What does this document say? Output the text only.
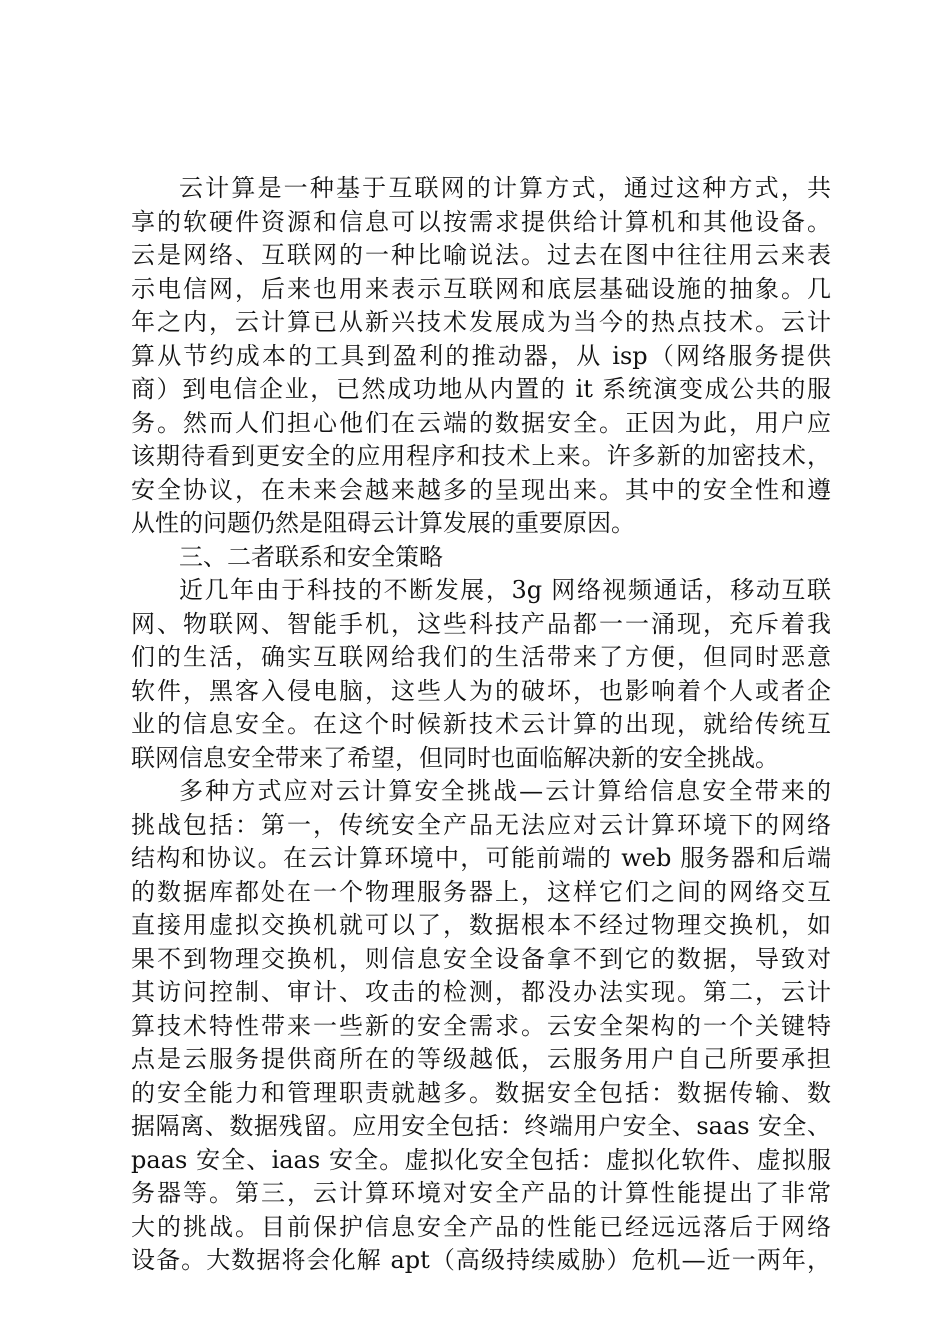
云计算是一种基于互联网的计算方式，通过这种方式，共
享的软硬件资源和信息可以按需求提供给计算机和其他设备。
云是网络、互联网的一种比喻说法。过去在图中往往用云来表
示电信网，后来也用来表示互联网和底层基础设施的抽象。几
年之内，云计算已从新兴技术发展成为当今的热点技术。云计
算从节约成本的工具到盈利的推动器，从 isp（网络服务提供
商）到电信企业，已然成功地从内置的 it 系统演变成公共的服
务。然而人们担心他们在云端的数据安全。正因为此，用户应
该期待看到更安全的应用程序和技术上来。许多新的加密技术，
安全协议，在未来会越来越多的呈现出来。其中的安全性和遵
从性的问题仍然是阻碍云计算发展的重要原因。
三、二者联系和安全策略
近几年由于科技的不断发展，3g 网络视频通话，移动互联
网、物联网、智能手机，这些科技产品都一一涌现，充斥着我
们的生活，确实互联网给我们的生活带来了方便，但同时恶意
软件，黑客入侵电脑，这些人为的破坏，也影响着个人或者企
业的信息安全。在这个时候新技术云计算的出现，就给传统互
联网信息安全带来了希望，但同时也面临解决新的安全挑战。
多种方式应对云计算安全挑战—云计算给信息安全带来的
挑战包括：第一，传统安全产品无法应对云计算环境下的网络
结构和协议。在云计算环境中，可能前端的 web 服务器和后端
的数据库都处在一个物理服务器上，这样它们之间的网络交互
直接用虚拟交换机就可以了，数据根本不经过物理交换机，如
果不到物理交换机，则信息安全设备拿不到它的数据，导致对
其访问控制、审计、攻击的检测，都没办法实现。第二，云计
算技术特性带来一些新的安全需求。云安全架构的一个关键特
点是云服务提供商所在的等级越低，云服务用户自己所要承担
的安全能力和管理职责就越多。数据安全包括：数据传输、数
据隔离、数据残留。应用安全包括：终端用户安全、saas 安全、
paas 安全、iaas 安全。虚拟化安全包括：虚拟化软件、虚拟服
务器等。第三，云计算环境对安全产品的计算性能提出了非常
大的挑战。目前保护信息安全产品的性能已经远远落后于网络
设备。大数据将会化解 apt（高级持续威胁）危机—近一两年，
